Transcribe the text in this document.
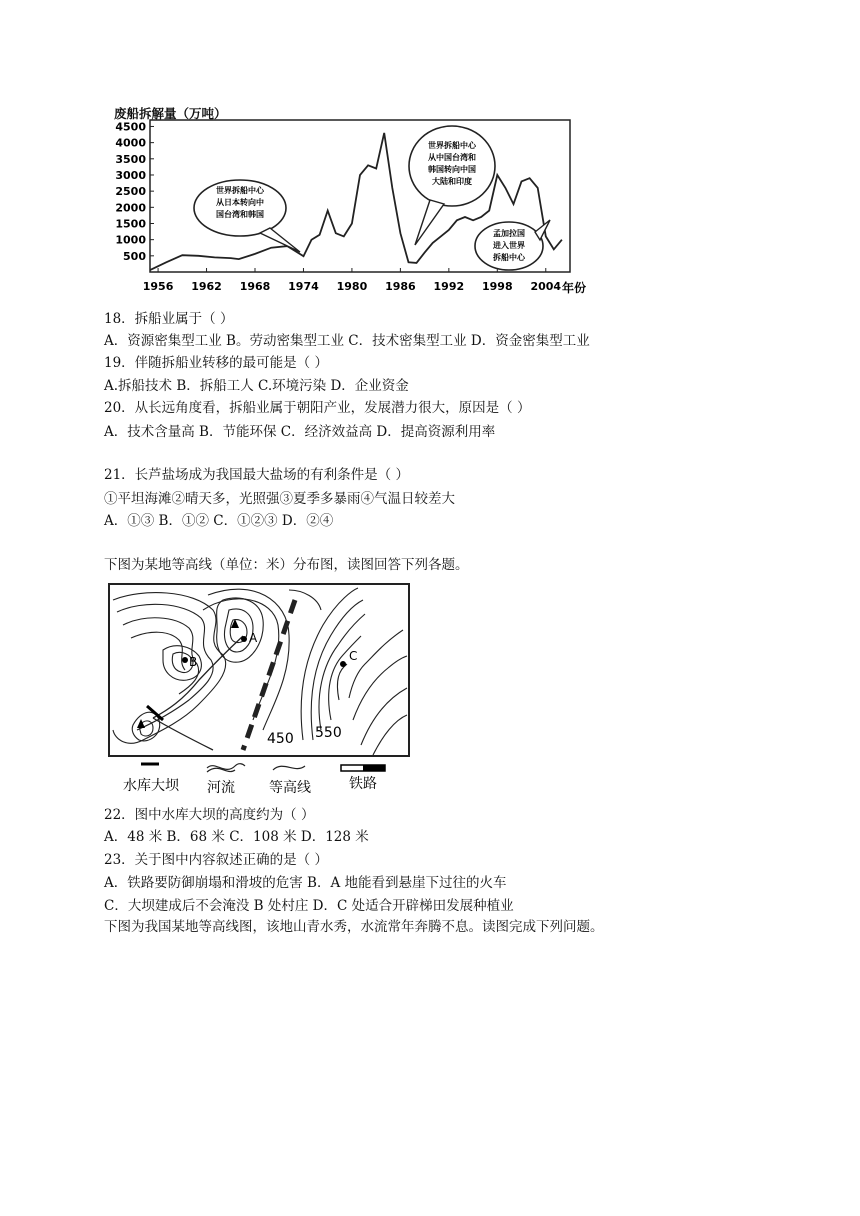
500
1000
1500
2000
2500
3000
3500
4000
4500
1956 1962 1968 1974 1980 1986 1992 1998 2004 年份
世界拆船中心
从日本转向中
国台湾和韩国
世界拆船中心
从中国台湾和
韩国转向中国
大陆和印度
孟加拉国
进入世界
拆船中心
废船拆解量（万吨）
18．拆船业属于（ ）
A．资源密集型工业 B。劳动密集型工业 C．技术密集型工业 D．资金密集型工业
19．伴随拆船业转移的最可能是（ ）
A.拆船技术 B．拆船工人 C.环境污染 D．企业资金
20．从长远角度看，拆船业属于朝阳产业，发展潜力很大，原因是（ ）
A．技术含量高 B．节能环保 C．经济效益高 D．提高资源利用率
21．长芦盐场成为我国最大盐场的有利条件是（ ）
①平坦海滩②晴天多，光照强③夏季多暴雨④气温日较差大
A．①③ B．①② C．①②③ D．②④
下图为某地等高线（单位：米）分布图，读图回答下列各题。
A
B	C
450 550
水库大坝 河流 等高线	铁路
22．图中水库大坝的高度约为（ ）
A．48 米 B．68 米 C．108 米 D．128 米
23．关于图中内容叙述正确的是（ ）
A．铁路要防御崩塌和滑坡的危害 B．A 地能看到悬崖下过往的火车
C．大坝建成后不会淹没 B 处村庄 D．C 处适合开辟梯田发展种植业
下图为我国某地等高线图，该地山青水秀，水流常年奔腾不息。读图完成下列问题。
